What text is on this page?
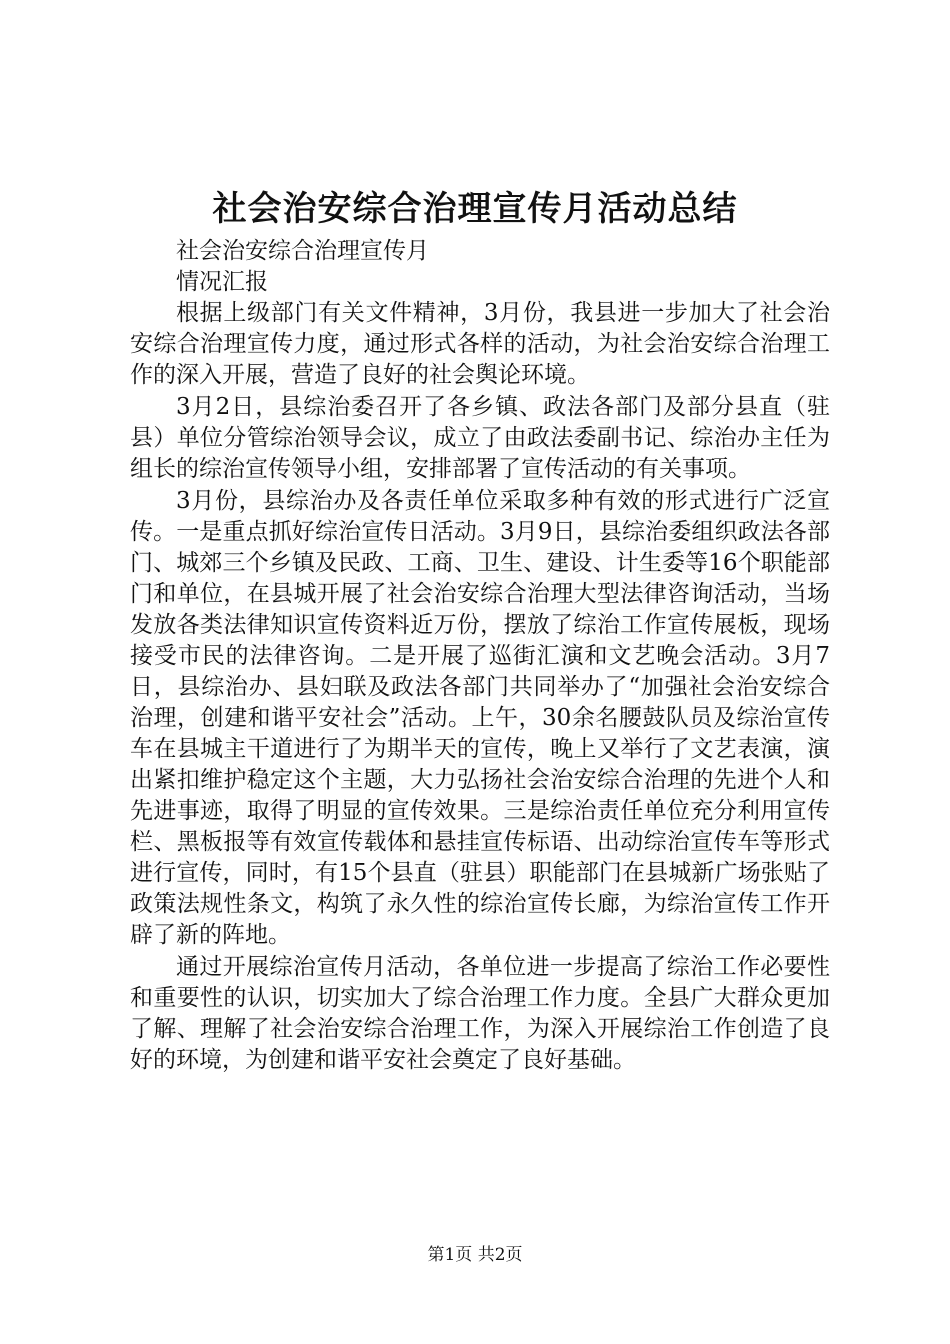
社会治安综合治理宣传月活动总结

社会治安综合治理宣传月

情况汇报

根据上级部门有关文件精神，3月份，我县进一步加大了社会治安综合治理宣传力度，通过形式各样的活动，为社会治安综合治理工作的深入开展，营造了良好的社会舆论环境。

3月2日，县综治委召开了各乡镇、政法各部门及部分县直（驻县）单位分管综治领导会议，成立了由政法委副书记、综治办主任为组长的综治宣传领导小组，安排部署了宣传活动的有关事项。

3月份，县综治办及各责任单位采取多种有效的形式进行广泛宣传。一是重点抓好综治宣传日活动。3月9日，县综治委组织政法各部门、城郊三个乡镇及民政、工商、卫生、建设、计生委等16个职能部门和单位，在县城开展了社会治安综合治理大型法律咨询活动，当场发放各类法律知识宣传资料近万份，摆放了综治工作宣传展板，现场接受市民的法律咨询。二是开展了巡街汇演和文艺晚会活动。3月7日，县综治办、县妇联及政法各部门共同举办了“加强社会治安综合治理，创建和谐平安社会”活动。上午，30余名腰鼓队员及综治宣传车在县城主干道进行了为期半天的宣传，晚上又举行了文艺表演，演出紧扣维护稳定这个主题，大力弘扬社会治安综合治理的先进个人和先进事迹，取得了明显的宣传效果。三是综治责任单位充分利用宣传栏、黑板报等有效宣传载体和悬挂宣传标语、出动综治宣传车等形式进行宣传，同时，有15个县直（驻县）职能部门在县城新广场张贴了政策法规性条文，构筑了永久性的综治宣传长廊，为综治宣传工作开辟了新的阵地。

通过开展综治宣传月活动，各单位进一步提高了综治工作必要性和重要性的认识，切实加大了综合治理工作力度。全县广大群众更加了解、理解了社会治安综合治理工作，为深入开展综治工作创造了良好的环境，为创建和谐平安社会奠定了良好基础。

第1页 共2页
